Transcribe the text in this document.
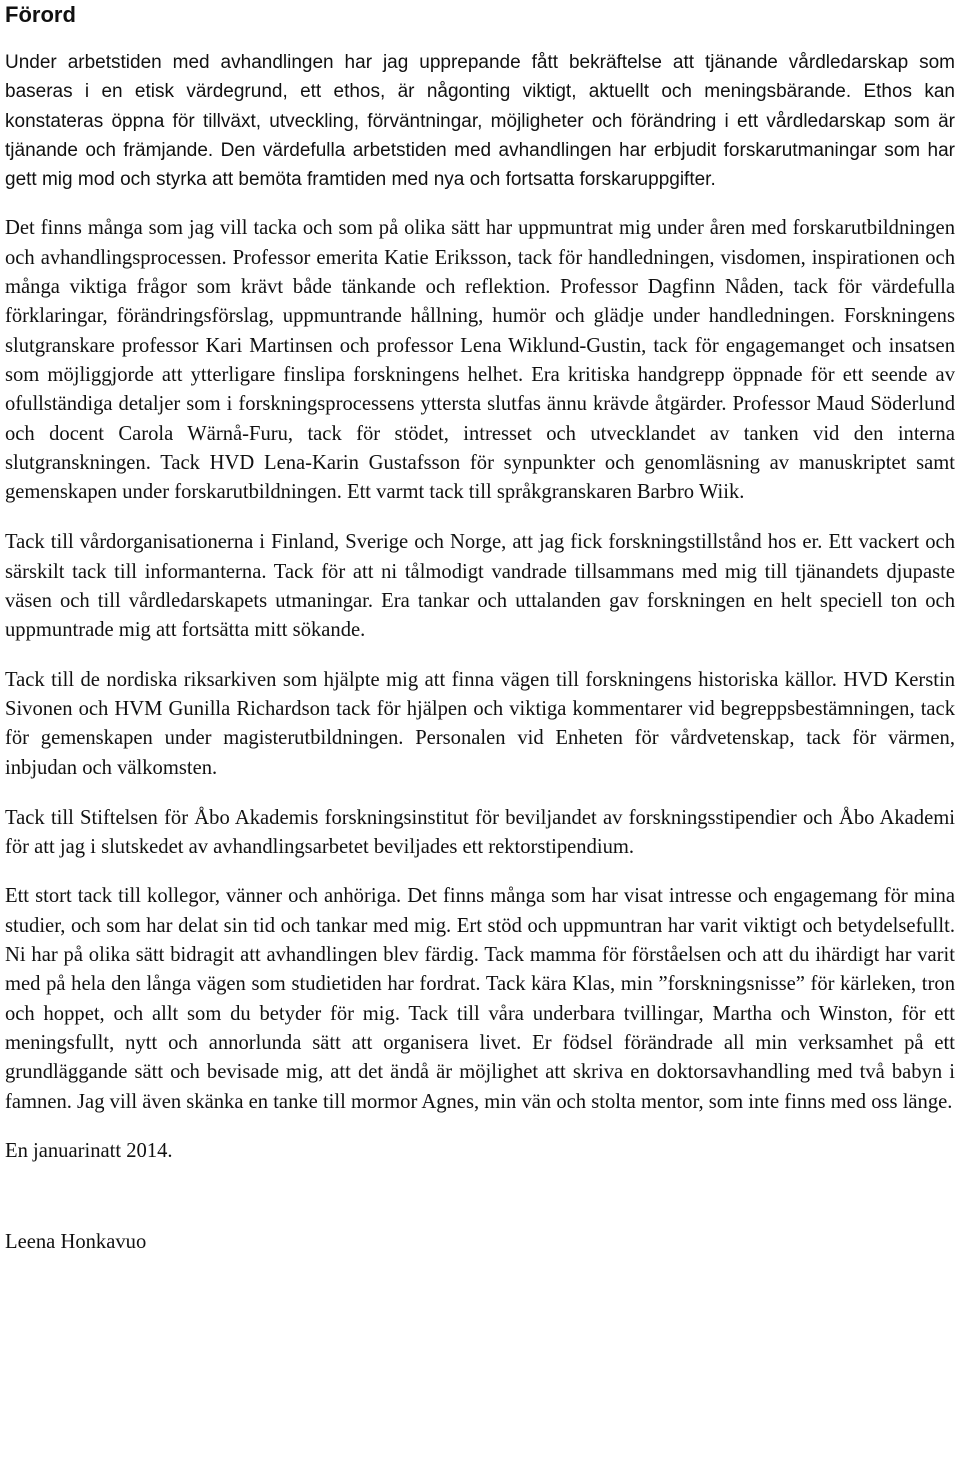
Förord

Under arbetstiden med avhandlingen har jag upprepande fått bekräftelse att tjänande vårdledarskap som baseras i en etisk värdegrund, ett ethos, är någonting viktigt, aktuellt och meningsbärande. Ethos kan konstateras öppna för tillväxt, utveckling, förväntningar, möjligheter och förändring i ett vårdledarskap som är tjänande och främjande. Den värdefulla arbetstiden med avhandlingen har erbjudit forskarutmaningar som har gett mig mod och styrka att bemöta framtiden med nya och fortsatta forskaruppgifter.

Det finns många som jag vill tacka och som på olika sätt har uppmuntrat mig under åren med forskarutbildningen och avhandlingsprocessen. Professor emerita Katie Eriksson, tack för handledningen, visdomen, inspirationen och många viktiga frågor som krävt både tänkande och reflektion. Professor Dagfinn Nåden, tack för värdefulla förklaringar, förändringsförslag, uppmuntrande hållning, humör och glädje under handledningen. Forskningens slutgranskare professor Kari Martinsen och professor Lena Wiklund-Gustin, tack för engagemanget och insatsen som möjliggjorde att ytterligare finslipa forskningens helhet. Era kritiska handgrepp öppnade för ett seende av ofullständiga detaljer som i forskningsprocessens yttersta slutfas ännu krävde åtgärder. Professor Maud Söderlund och docent Carola Wärnå-Furu, tack för stödet, intresset och utvecklandet av tanken vid den interna slutgranskningen. Tack HVD Lena-Karin Gustafsson för synpunkter och genomläsning av manuskriptet samt gemenskapen under forskarutbildningen. Ett varmt tack till språkgranskaren Barbro Wiik.

Tack till vårdorganisationerna i Finland, Sverige och Norge, att jag fick forskningstillstånd hos er. Ett vackert och särskilt tack till informanterna. Tack för att ni tålmodigt vandrade tillsammans med mig till tjänandets djupaste väsen och till vårdledarskapets utmaningar. Era tankar och uttalanden gav forskningen en helt speciell ton och uppmuntrade mig att fortsätta mitt sökande.

Tack till de nordiska riksarkiven som hjälpte mig att finna vägen till forskningens historiska källor. HVD Kerstin Sivonen och HVM Gunilla Richardson tack för hjälpen och viktiga kommentarer vid begreppsbestämningen, tack för gemenskapen under magisterutbildningen. Personalen vid Enheten för vårdvetenskap, tack för värmen, inbjudan och välkomsten.

Tack till Stiftelsen för Åbo Akademis forskningsinstitut för beviljandet av forskningsstipendier och Åbo Akademi för att jag i slutskedet av avhandlingsarbetet beviljades ett rektorstipendium.

Ett stort tack till kollegor, vänner och anhöriga. Det finns många som har visat intresse och engagemang för mina studier, och som har delat sin tid och tankar med mig. Ert stöd och uppmuntran har varit viktigt och betydelsefullt. Ni har på olika sätt bidragit att avhandlingen blev färdig. Tack mamma för förståelsen och att du ihärdigt har varit med på hela den långa vägen som studietiden har fordrat. Tack kära Klas, min ”forskningsnisse” för kärleken, tron och hoppet, och allt som du betyder för mig. Tack till våra underbara tvillingar, Martha och Winston, för ett meningsfullt, nytt och annorlunda sätt att organisera livet. Er födsel förändrade all min verksamhet på ett grundläggande sätt och bevisade mig, att det ändå är möjlighet att skriva en doktorsavhandling med två babyn i famnen. Jag vill även skänka en tanke till mormor Agnes, min vän och stolta mentor, som inte finns med oss länge.

En januarinatt 2014.

Leena Honkavuo
